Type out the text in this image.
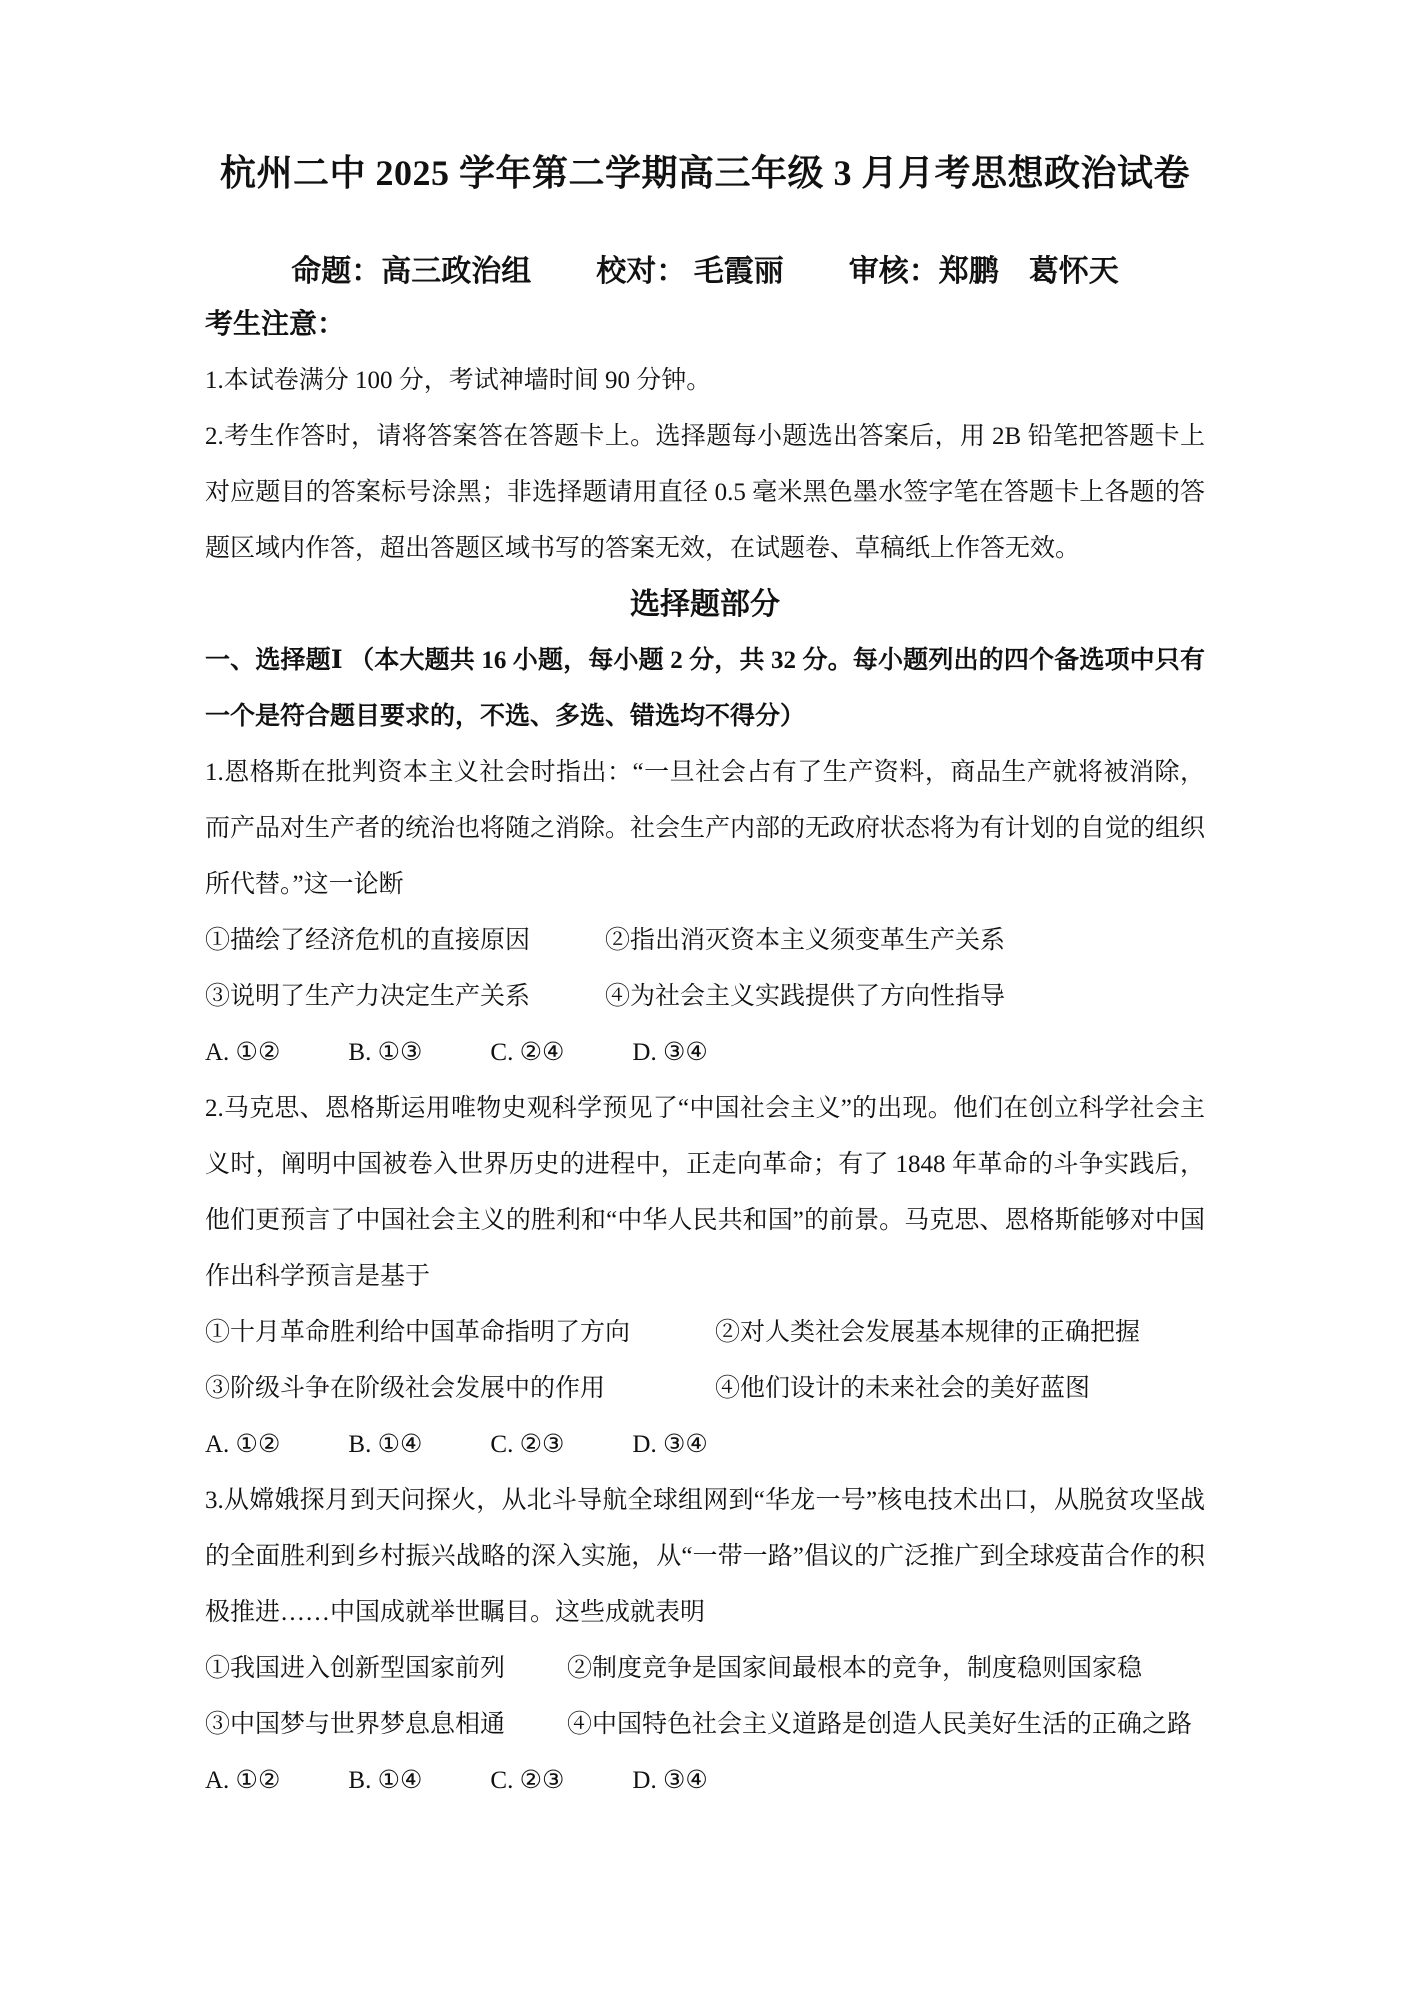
杭州二中 2025 学年第二学期高三年级 3 月月考思想政治试卷
命题：高三政治组 校对： 毛霞丽 审核：郑鹏　葛怀天
考生注意：

1.本试卷满分 100 分，考试神墙时间 90 分钟。

2.考生作答时，请将答案答在答题卡上。选择题每小题选出答案后，用 2B 铅笔把答题卡上对应题目的答案标号涂黑；非选择题请用直径 0.5 毫米黑色墨水签字笔在答题卡上各题的答题区域内作答，超出答题区域书写的答案无效，在试题卷、草稿纸上作答无效。

选择题部分

一、选择题Ⅰ （本大题共 16 小题，每小题 2 分，共 32 分。每小题列出的四个备选项中只有一个是符合题目要求的，不选、多选、错选均不得分）

1.恩格斯在批判资本主义社会时指出：“一旦社会占有了生产资料，商品生产就将被消除，而产品对生产者的统治也将随之消除。社会生产内部的无政府状态将为有计划的自觉的组织所代替。”这一论断

①描绘了经济危机的直接原因	②指出消灭资本主义须变革生产关系
③说明了生产力决定生产关系	④为社会主义实践提供了方向性指导
A. ①②	B. ①③	C. ②④	D. ③④

2.马克思、恩格斯运用唯物史观科学预见了“中国社会主义”的出现。他们在创立科学社会主义时，阐明中国被卷入世界历史的进程中，正走向革命；有了 1848 年革命的斗争实践后，他们更预言了中国社会主义的胜利和“中华人民共和国”的前景。马克思、恩格斯能够对中国作出科学预言是基于

①十月革命胜利给中国革命指明了方向	②对人类社会发展基本规律的正确把握
③阶级斗争在阶级社会发展中的作用	④他们设计的未来社会的美好蓝图
A. ①②	B. ①④	C. ②③	D. ③④

3.从嫦娥探月到天问探火，从北斗导航全球组网到“华龙一号”核电技术出口，从脱贫攻坚战的全面胜利到乡村振兴战略的深入实施，从“一带一路”倡议的广泛推广到全球疫苗合作的积极推进……中国成就举世瞩目。这些成就表明

①我国进入创新型国家前列	②制度竞争是国家间最根本的竞争，制度稳则国家稳
③中国梦与世界梦息息相通	④中国特色社会主义道路是创造人民美好生活的正确之路
A. ①②	B. ①④	C. ②③	D. ③④
